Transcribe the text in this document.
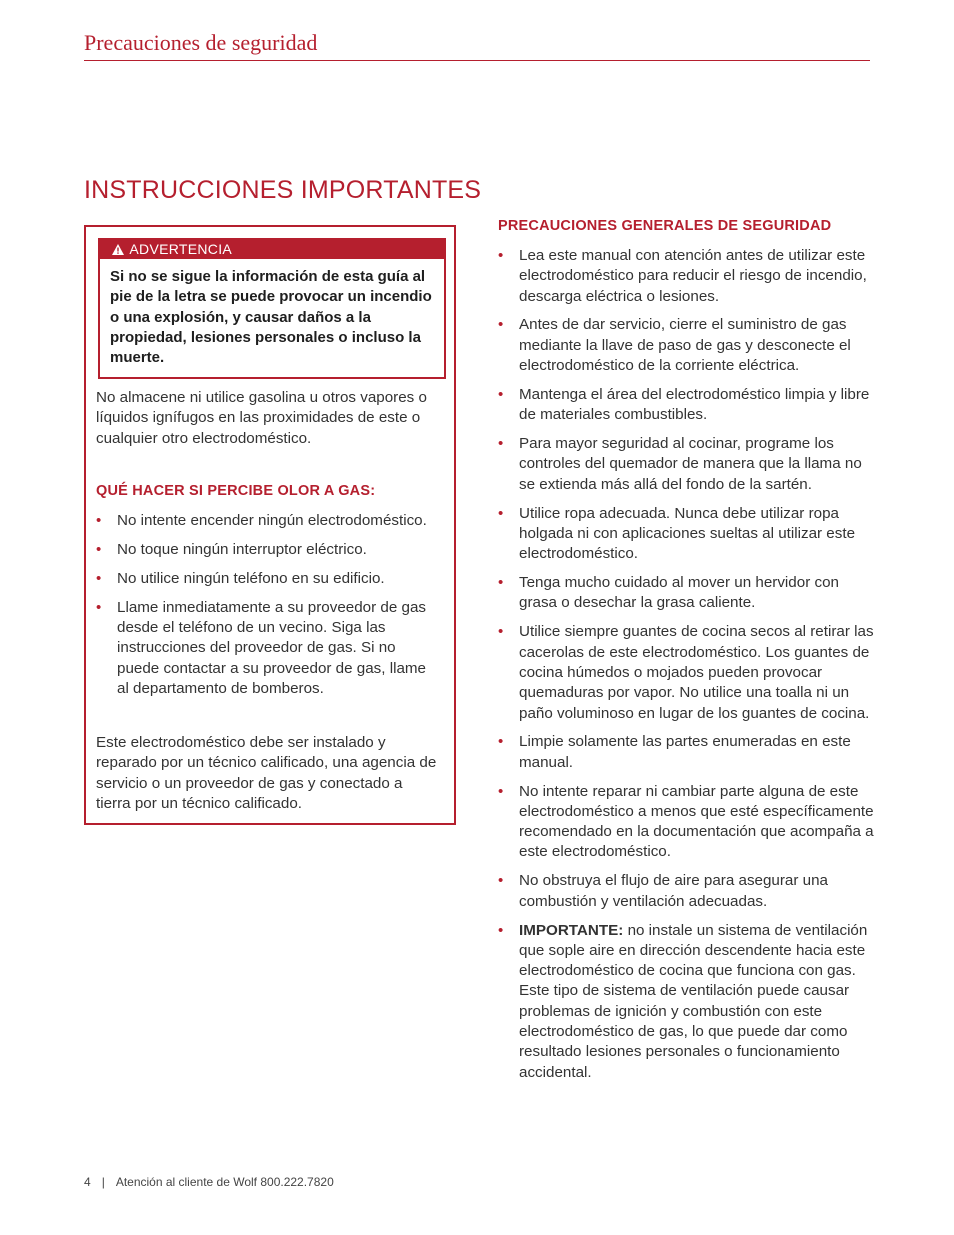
Precauciones de seguridad
INSTRUCCIONES IMPORTANTES
ADVERTENCIA
Si no se sigue la información de esta guía al pie de la letra se puede provocar un incendio o una explosión, y causar daños a la propiedad, lesiones personales o incluso la muerte.
No almacene ni utilice gasolina u otros vapores o líquidos ignífugos en las proximidades de este o cualquier otro electrodoméstico.
QUÉ HACER SI PERCIBE OLOR A GAS:
• No intente encender ningún electrodoméstico.
• No toque ningún interruptor eléctrico.
• No utilice ningún teléfono en su edificio.
• Llame inmediatamente a su proveedor de gas desde el teléfono de un vecino. Siga las instrucciones del proveedor de gas. Si no puede contactar a su proveedor de gas, llame al departamento de bomberos.
Este electrodoméstico debe ser instalado y reparado por un técnico calificado, una agencia de servicio o un proveedor de gas y conectado a tierra por un técnico calificado.
PRECAUCIONES GENERALES DE SEGURIDAD
• Lea este manual con atención antes de utilizar este electrodoméstico para reducir el riesgo de incendio, descarga eléctrica o lesiones.
• Antes de dar servicio, cierre el suministro de gas mediante la llave de paso de gas y desconecte el electrodoméstico de la corriente eléctrica.
• Mantenga el área del electrodoméstico limpia y libre de materiales combustibles.
• Para mayor seguridad al cocinar, programe los controles del quemador de manera que la llama no se extienda más allá del fondo de la sartén.
• Utilice ropa adecuada. Nunca debe utilizar ropa holgada ni con aplicaciones sueltas al utilizar este electrodoméstico.
• Tenga mucho cuidado al mover un hervidor con grasa o desechar la grasa caliente.
• Utilice siempre guantes de cocina secos al retirar las cacerolas de este electrodoméstico. Los guantes de cocina húmedos o mojados pueden provocar quemaduras por vapor. No utilice una toalla ni un paño voluminoso en lugar de los guantes de cocina.
• Limpie solamente las partes enumeradas en este manual.
• No intente reparar ni cambiar parte alguna de este electrodoméstico a menos que esté específicamente recomendado en la documentación que acompaña a este electrodoméstico.
• No obstruya el flujo de aire para asegurar una combustión y ventilación adecuadas.
• IMPORTANTE: no instale un sistema de ventilación que sople aire en dirección descendente hacia este electrodoméstico de cocina que funciona con gas. Este tipo de sistema de ventilación puede causar problemas de ignición y combustión con este electrodoméstico de gas, lo que puede dar como resultado lesiones personales o funcionamiento accidental.
4 | Atención al cliente de Wolf 800.222.7820
